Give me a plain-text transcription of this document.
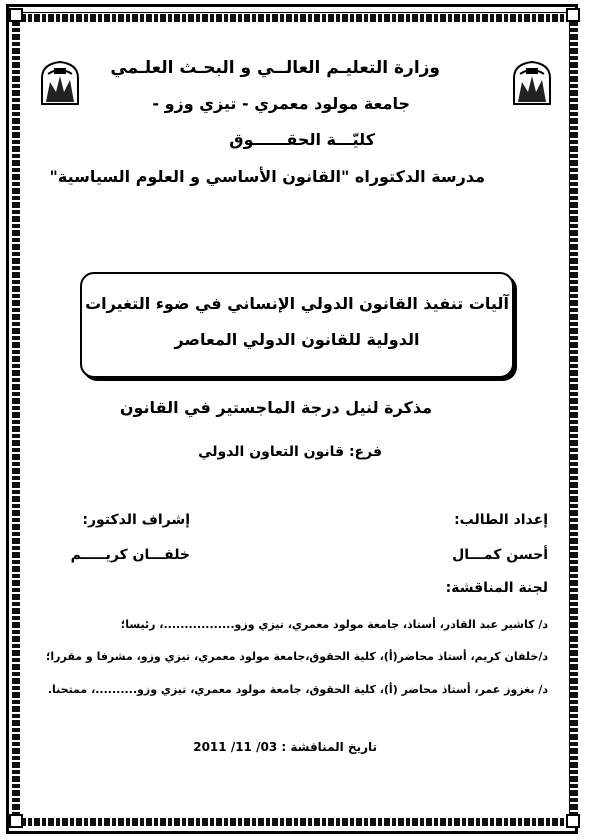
وزارة التعليـم العالــي و البحـث العلـمي
جامعة مولود معمري - تيزي وزو -
كليّـــة الحقــــــوق
مدرسة الدكتوراه "القانون الأساسي و العلوم السياسية"
آليات تنفيذ القانون الدولي الإنساني في ضوء التغيرات
الدولية للقانون الدولي المعاصر
مذكرة لنيل درجة الماجستير في القانون
فرع: قانون التعاون الدولي
إعداد الطالب:
إشراف الدكتور:
أحسن كمـــال
خلفـــان كريـــــم
لجنة المناقشة:
د/ كاشير عبد القادر، أستاذ، جامعة مولود معمري، تيزي وزو.................، رئيسا؛
د/خلفان كريم، أستاذ محاضر(أ)، كلية الحقوق،جامعة مولود معمري، تيزي وزو، مشرفا و مقررا؛
د/ بغزوز عمر، أستاذ محاضر (أ)، كلية الحقوق، جامعة مولود معمري، تيزي وزو..........، ممتحنا.
تاريخ المناقشة : 03/ 11/ 2011
